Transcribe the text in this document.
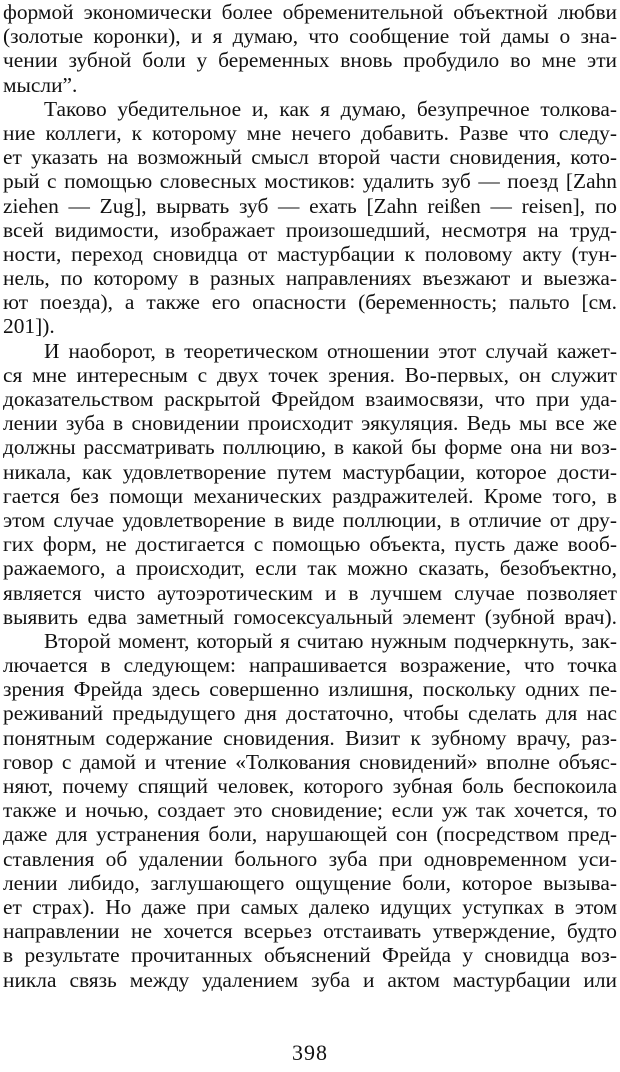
формой экономически более обременительной объектной любви
(золотые коронки), и я думаю, что сообщение той дамы о зна-
чении зубной боли у беременных вновь пробудило во мне эти
мысли”.
Таково убедительное и, как я думаю, безупречное толкова-
ние коллеги, к которому мне нечего добавить. Разве что следу-
ет указать на возможный смысл второй части сновидения, кото-
рый с помощью словесных мостиков: удалить зуб — поезд [Zahn
ziehen — Zug], вырвать зуб — ехать [Zahn reißen — reisen], по
всей видимости, изображает произошедший, несмотря на труд-
ности, переход сновидца от мастурбации к половому акту (тун-
нель, по которому в разных направлениях въезжают и выезжа-
ют поезда), а также его опасности (беременность; пальто [см.
201]).
И наоборот, в теоретическом отношении этот случай кажет-
ся мне интересным с двух точек зрения. Во-первых, он служит
доказательством раскрытой Фрейдом взаимосвязи, что при уда-
лении зуба в сновидении происходит эякуляция. Ведь мы все же
должны рассматривать поллюцию, в какой бы форме она ни воз-
никала, как удовлетворение путем мастурбации, которое дости-
гается без помощи механических раздражителей. Кроме того, в
этом случае удовлетворение в виде поллюции, в отличие от дру-
гих форм, не достигается с помощью объекта, пусть даже вооб-
ражаемого, а происходит, если так можно сказать, безобъектно,
является чисто аутоэротическим и в лучшем случае позволяет
выявить едва заметный гомосексуальный элемент (зубной врач).
Второй момент, который я считаю нужным подчеркнуть, зак-
лючается в следующем: напрашивается возражение, что точка
зрения Фрейда здесь совершенно излишня, поскольку одних пе-
реживаний предыдущего дня достаточно, чтобы сделать для нас
понятным содержание сновидения. Визит к зубному врачу, раз-
говор с дамой и чтение «Толкования сновидений» вполне объяс-
няют, почему спящий человек, которого зубная боль беспокоила
также и ночью, создает это сновидение; если уж так хочется, то
даже для устранения боли, нарушающей сон (посредством пред-
ставления об удалении больного зуба при одновременном уси-
лении либидо, заглушающего ощущение боли, которое вызыва-
ет страх). Но даже при самых далеко идущих уступках в этом
направлении не хочется всерьез отстаивать утверждение, будто
в результате прочитанных объяснений Фрейда у сновидца воз-
никла связь между удалением зуба и актом мастурбации или
398
